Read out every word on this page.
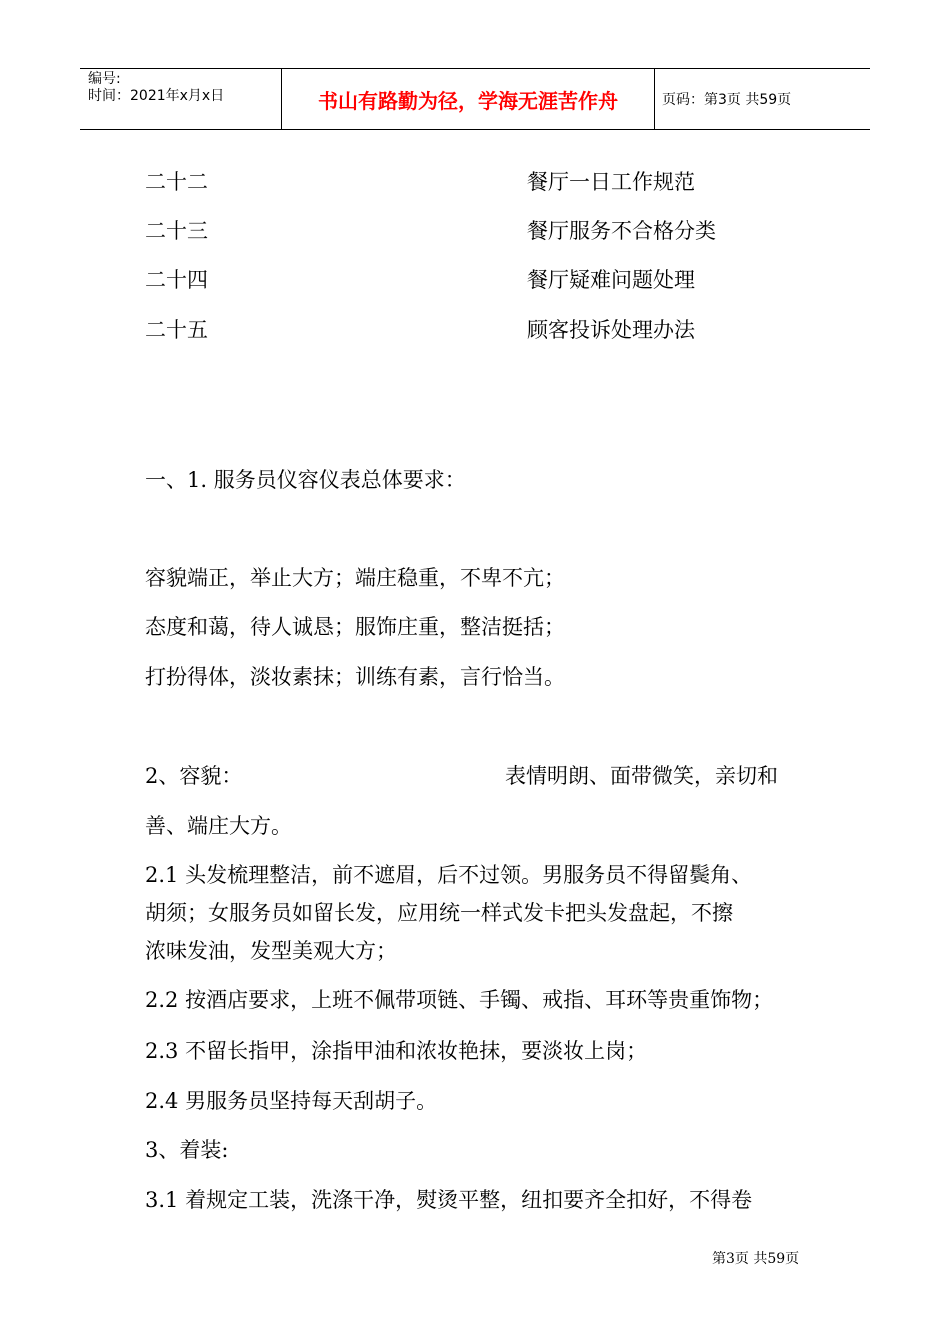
编号:
时间：2021年x月x日	书山有路勤为径，学海无涯苦作舟	页码：第3页 共59页
二十二	餐厅一日工作规范
二十三	餐厅服务不合格分类
二十四	餐厅疑难问题处理
二十五	顾客投诉处理办法
一、1. 服务员仪容仪表总体要求：
容貌端正，举止大方；端庄稳重，不卑不亢；
态度和蔼，待人诚恳；服饰庄重，整洁挺括；
打扮得体，淡妆素抹；训练有素，言行恰当。
2、容貌：	表情明朗、面带微笑，亲切和
善、端庄大方。
2.1 头发梳理整洁，前不遮眉，后不过领。男服务员不得留鬓角、
胡须；女服务员如留长发，应用统一样式发卡把头发盘起，不擦
浓味发油，发型美观大方；
2.2 按酒店要求，上班不佩带项链、手镯、戒指、耳环等贵重饰物；
2.3 不留长指甲，涂指甲油和浓妆艳抹，要淡妆上岗；
2.4 男服务员坚持每天刮胡子。
3、着装:
3.1 着规定工装，洗涤干净，熨烫平整，纽扣要齐全扣好，不得卷
第3页 共59页
